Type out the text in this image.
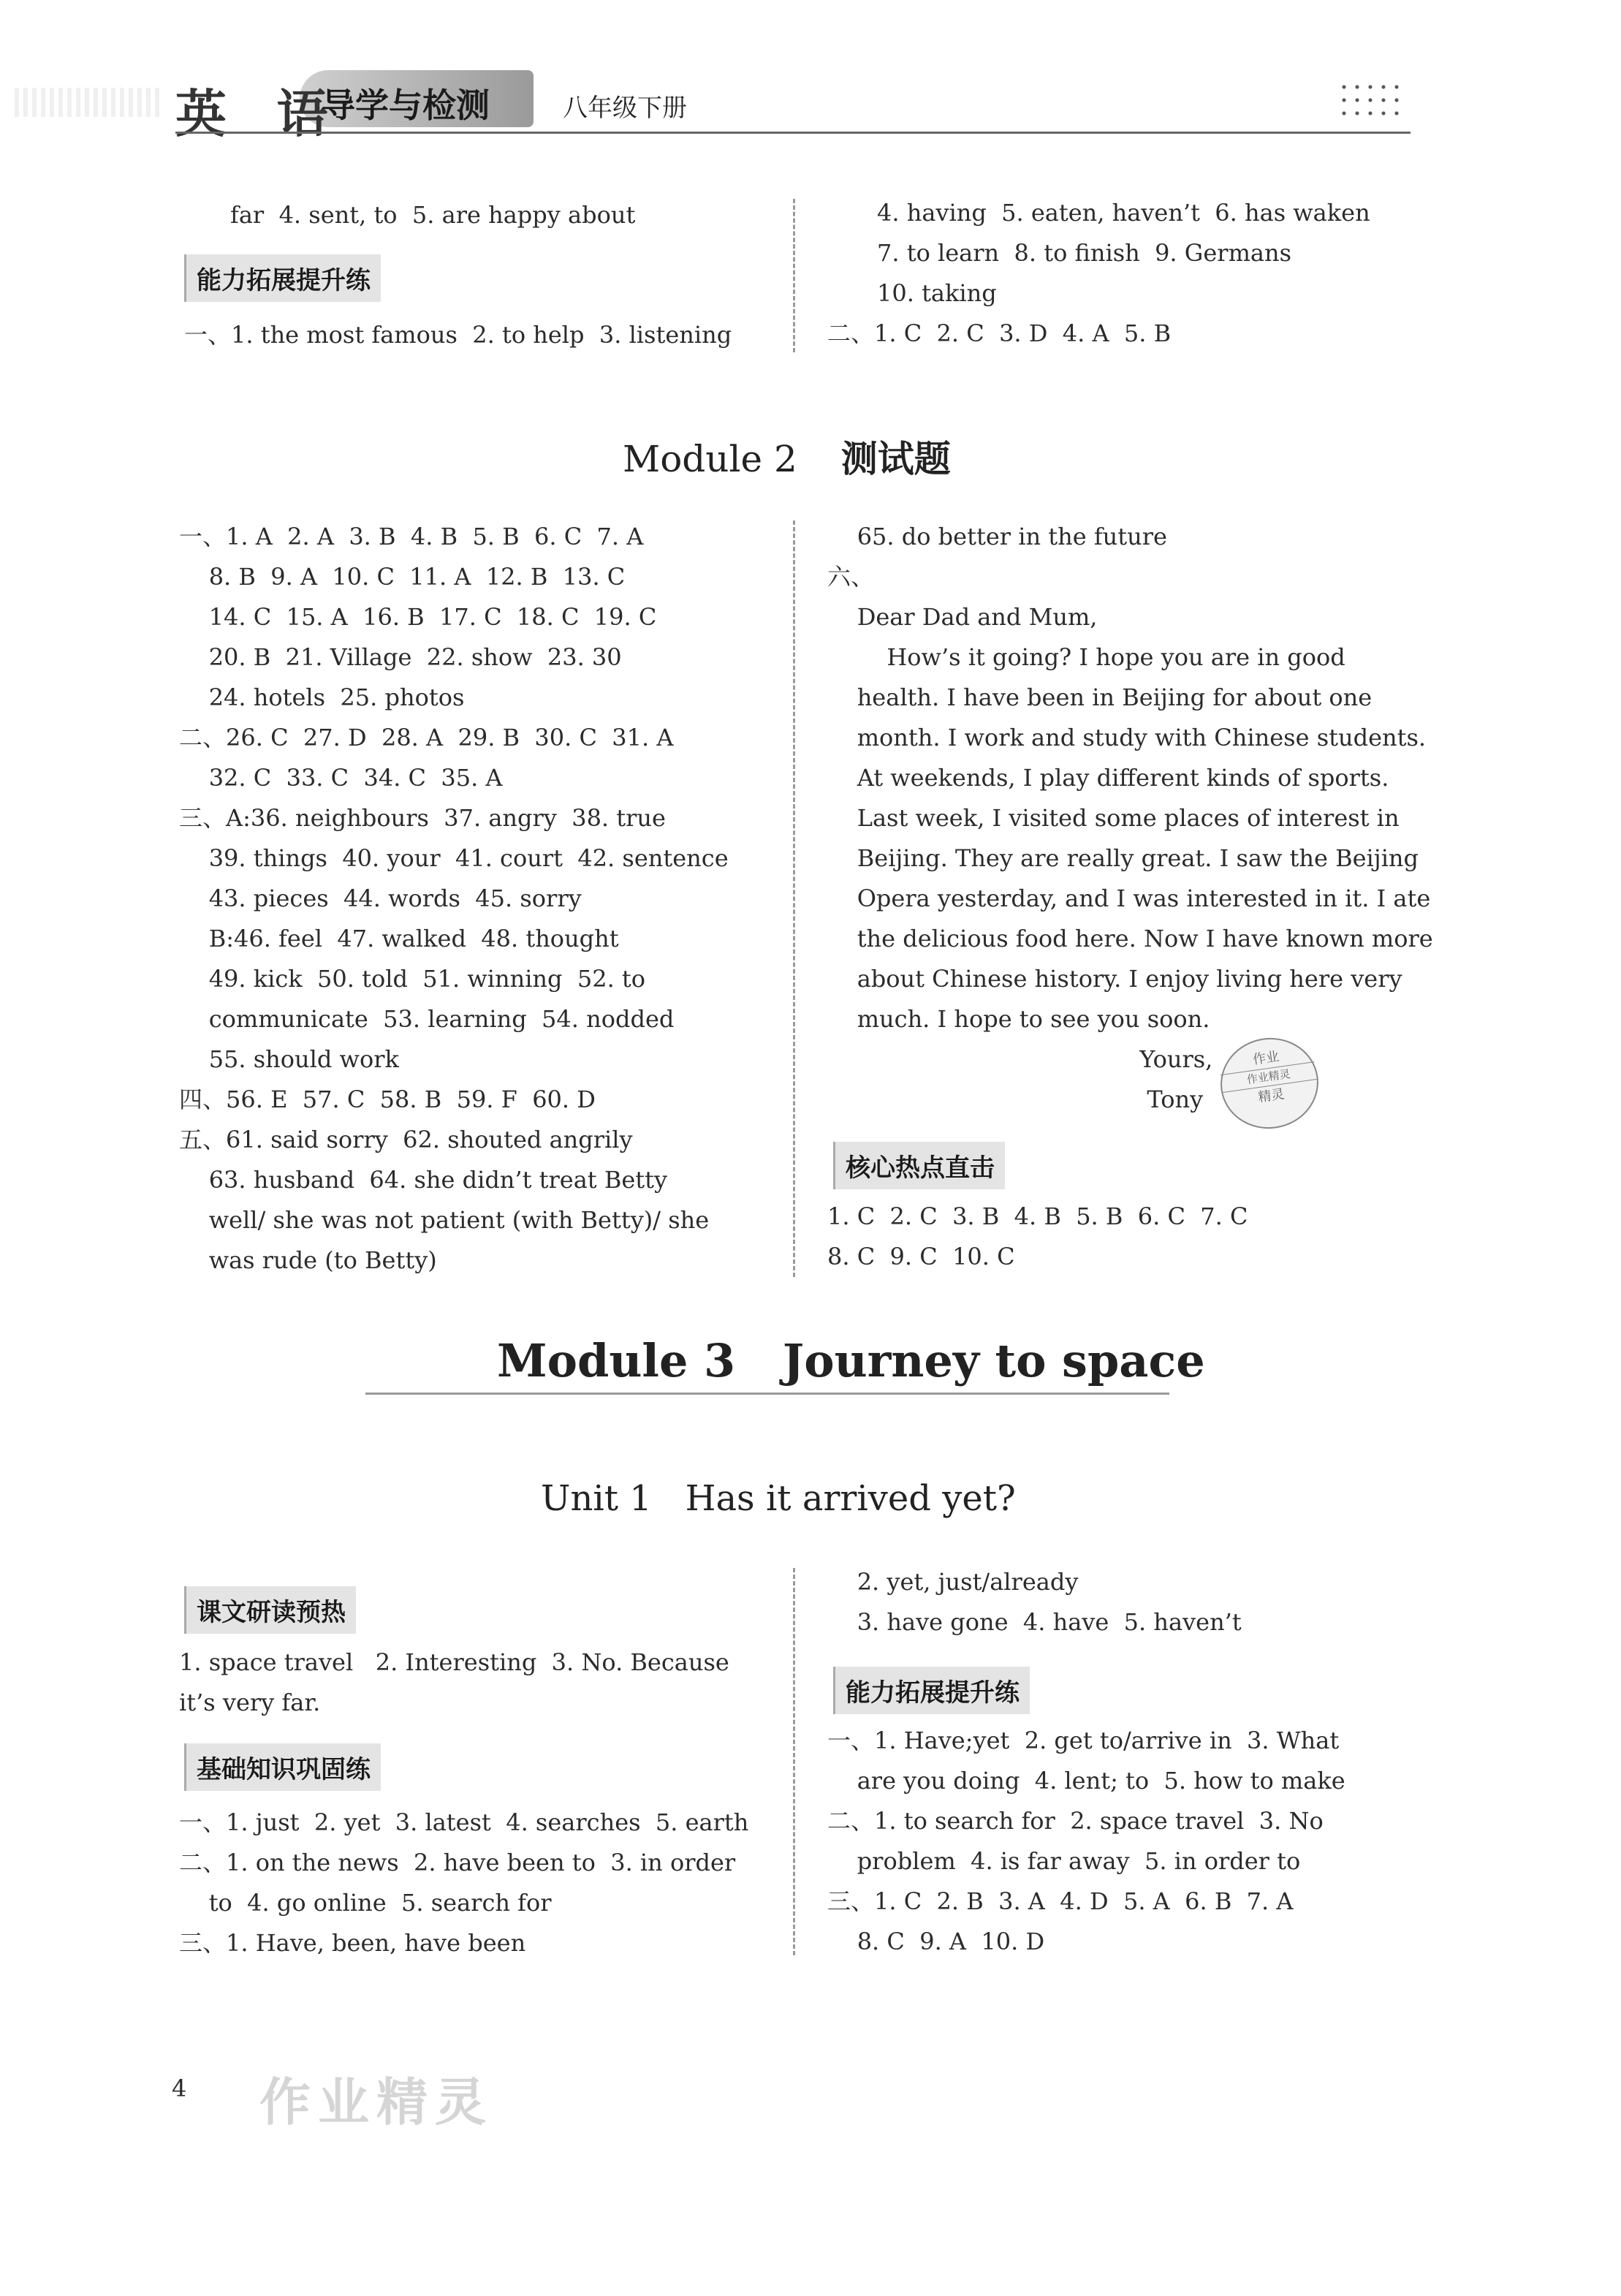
英 语
导学与检测	八年级下册
far  4. sent, to  5. are happy about
能力拓展提升练
一、1. the most famous  2. to help  3. listening
4. having  5. eaten, haven’t  6. has waken
7. to learn  8. to finish  9. Germans
10. taking
二、1. C  2. C  3. D  4. A  5. B
Module 2 测试题
一、1. A  2. A  3. B  4. B  5. B  6. C  7. A
8. B  9. A  10. C  11. A  12. B  13. C
14. C  15. A  16. B  17. C  18. C  19. C
20. B  21. Village  22. show  23. 30
24. hotels  25. photos
二、26. C  27. D  28. A  29. B  30. C  31. A
32. C  33. C  34. C  35. A
三、A:36. neighbours  37. angry  38. true
39. things  40. your  41. court  42. sentence
43. pieces  44. words  45. sorry
B:46. feel  47. walked  48. thought
49. kick  50. told  51. winning  52. to
communicate  53. learning  54. nodded
55. should work
四、56. E  57. C  58. B  59. F  60. D
五、61. said sorry  62. shouted angrily
63. husband  64. she didn’t treat Betty
well/ she was not patient (with Betty)/ she
was rude (to Betty)
65. do better in the future
六、
Dear Dad and Mum,
How’s it going? I hope you are in good
health. I have been in Beijing for about one
month. I work and study with Chinese students.
At weekends, I play different kinds of sports.
Last week, I visited some places of interest in
Beijing. They are really great. I saw the Beijing
Opera yesterday, and I was interested in it. I ate
the delicious food here. Now I have known more
about Chinese history. I enjoy living here very
much. I hope to see you soon.
Yours,
Tony
作业
作业精灵
精灵
核心热点直击
1. C  2. C  3. B  4. B  5. B  6. C  7. C
8. C  9. C  10. C
Module 3   Journey to space
Unit 1   Has it arrived yet?
课文研读预热
1. space travel   2. Interesting  3. No. Because
it’s very far.
基础知识巩固练
一、1. just  2. yet  3. latest  4. searches  5. earth
二、1. on the news  2. have been to  3. in order
to  4. go online  5. search for
三、1. Have, been, have been
2. yet, just/already
3. have gone  4. have  5. haven’t
能力拓展提升练
一、1. Have;yet  2. get to/arrive in  3. What
are you doing  4. lent; to  5. how to make
二、1. to search for  2. space travel  3. No
problem  4. is far away  5. in order to
三、1. C  2. B  3. A  4. D  5. A  6. B  7. A
8. C  9. A  10. D
4 作业精灵
